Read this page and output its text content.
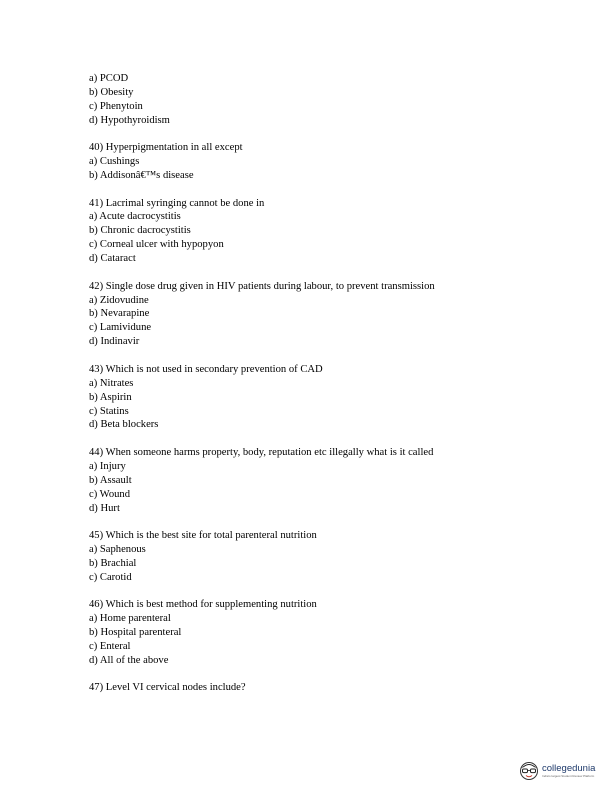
a) PCOD
b) Obesity
c) Phenytoin
d) Hypothyroidism
40) Hyperpigmentation in all except
a) Cushings
b) Addisonâ€™s disease
41) Lacrimal syringing cannot be done in
a) Acute dacrocystitis
b) Chronic dacrocystitis
c) Corneal ulcer with hypopyon
d) Cataract
42) Single dose drug given in HIV patients during labour, to prevent transmission
a) Zidovudine
b) Nevarapine
c) Lamividune
d) Indinavir
43) Which is not used in secondary prevention of CAD
a) Nitrates
b) Aspirin
c) Statins
d) Beta blockers
44) When someone harms property, body, reputation etc illegally what is it called
a) Injury
b) Assault
c) Wound
d) Hurt
45) Which is the best site for total parenteral nutrition
a) Saphenous
b) Brachial
c) Carotid
46) Which is best method for supplementing nutrition
a) Home parenteral
b) Hospital parenteral
c) Enteral
d) All of the above
47) Level VI cervical nodes include?
collegedunia
India's largest Student Review Platform
